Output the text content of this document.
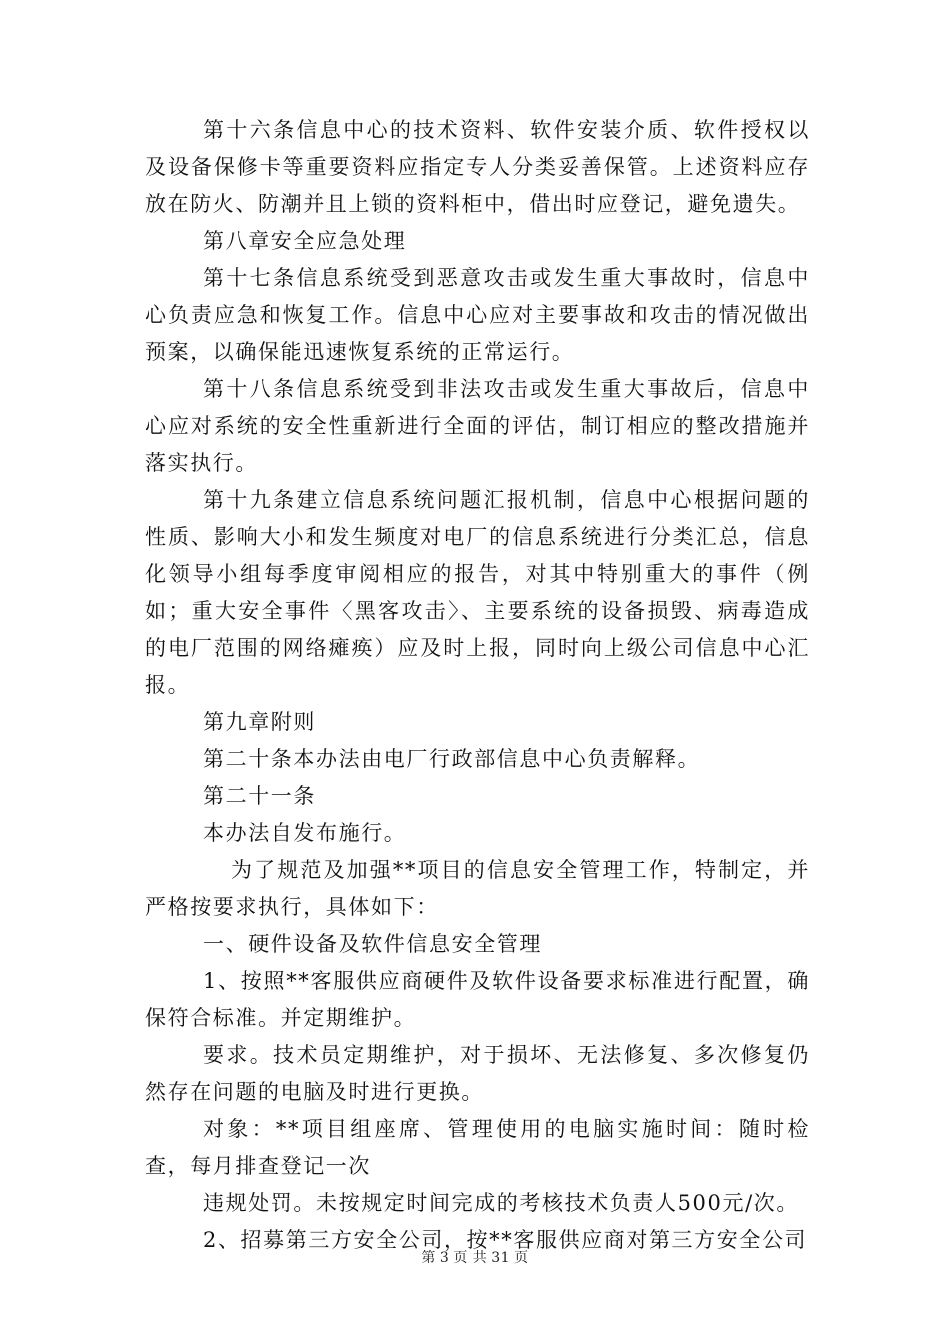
第十六条信息中心的技术资料、软件安装介质、软件授权以及设备保修卡等重要资料应指定专人分类妥善保管。上述资料应存放在防火、防潮并且上锁的资料柜中，借出时应登记，避免遗失。

第八章安全应急处理

第十七条信息系统受到恶意攻击或发生重大事故时，信息中心负责应急和恢复工作。信息中心应对主要事故和攻击的情况做出预案，以确保能迅速恢复系统的正常运行。

第十八条信息系统受到非法攻击或发生重大事故后，信息中心应对系统的安全性重新进行全面的评估，制订相应的整改措施并落实执行。

第十九条建立信息系统问题汇报机制，信息中心根据问题的性质、影响大小和发生频度对电厂的信息系统进行分类汇总，信息化领导小组每季度审阅相应的报告，对其中特别重大的事件（例如；重大安全事件〈黑客攻击〉、主要系统的设备损毁、病毒造成的电厂范围的网络瘫痪）应及时上报，同时向上级公司信息中心汇报。

第九章附则

第二十条本办法由电厂行政部信息中心负责解释。

第二十一条

本办法自发布施行。

为了规范及加强**项目的信息安全管理工作，特制定，并严格按要求执行，具体如下：

一、硬件设备及软件信息安全管理

1、按照**客服供应商硬件及软件设备要求标准进行配置，确保符合标准。并定期维护。

要求。技术员定期维护，对于损坏、无法修复、多次修复仍然存在问题的电脑及时进行更换。

对象：**项目组座席、管理使用的电脑实施时间：随时检查，每月排查登记一次

违规处罚。未按规定时间完成的考核技术负责人500元/次。

2、招募第三方安全公司，按**客服供应商对第三方安全公司

第 3 页 共 31 页
